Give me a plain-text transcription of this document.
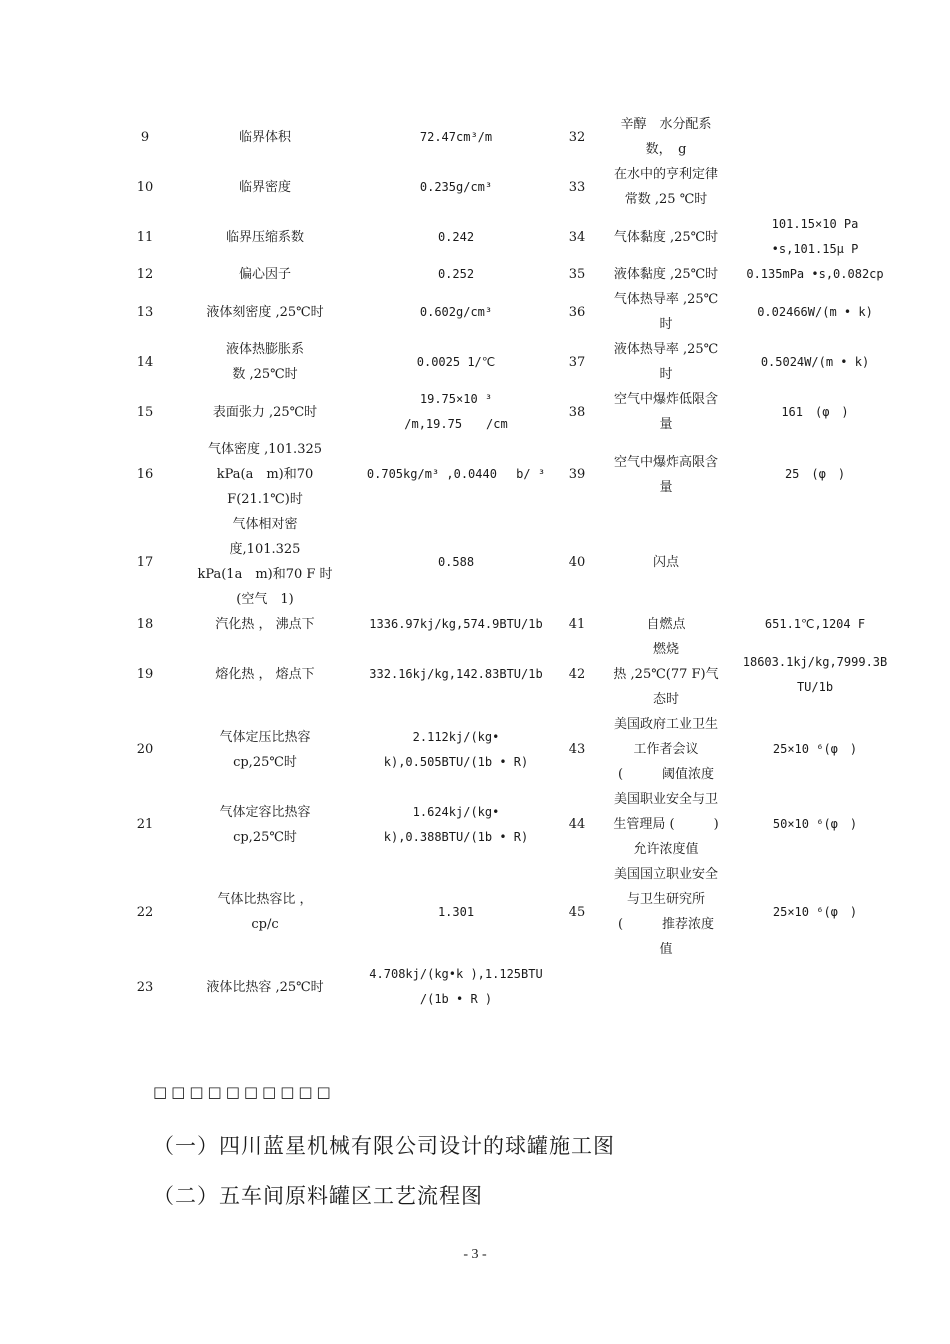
9	临界体积	72.47cm³/m	32	辛醇　水分配系
数，　g	
10	临界密度	0.235g/cm³	33	在水中的亨利定律
常数 ,25 ℃时	
11	临界压缩系数	0.242	34	气体黏度 ,25℃时	101.15×10 Pa
•s,101.15μ P
12	偏心因子	0.252	35	液体黏度 ,25℃时	0.135mPa •s,0.082cp
13	液体刻密度 ,25℃时	0.602g/cm³	36	气体热导率 ,25℃
时	0.02466W/(m • k)
14	液体热膨胀系
数 ,25℃时	0.0025 1/℃	37	液体热导率 ,25℃
时	0.5024W/(m • k)
15	表面张力 ,25℃时	19.75×10 ³
/m,19.75　　/cm	38	空气中爆炸低限含
量	161　(φ　)
16	气体密度 ,101.325
kPa(a　m)和70
F(21.1℃)时	0.705kg/m³ ,0.0440　 b/ ³	39	空气中爆炸高限含
量	25　(φ　)
17	气体相对密
度,101.325
kPa(1a　m)和70 F 时
(空气　1)	0.588	40	闪点	
18	汽化热 ， 沸点下	1336.97kj/kg,574.9BTU/1b	41	自燃点	651.1℃,1204 F
19	熔化热 ， 熔点下	332.16kj/kg,142.83BTU/1b	42	燃烧
热 ,25℃(77 F)气
态时	18603.1kj/kg,7999.3B
TU/1b
20	气体定压比热容
cp,25℃时	2.112kj/(kg•
k),0.505BTU/(1b • R)	43	美国政府工业卫生
工作者会议
(　　　阈值浓度	25×10 ⁶(φ　)
21	气体定容比热容
cp,25℃时	1.624kj/(kg•
k),0.388BTU/(1b • R)	44	美国职业安全与卫
生管理局 (　　　)
允许浓度值	50×10 ⁶(φ　)
22	气体比热容比 ，
cp/c	1.301	45	美国国立职业安全
与卫生研究所
(　　　推荐浓度
值	25×10 ⁶(φ　)
23	液体比热容 ,25℃时	4.708kj/(kg•k ),1.125BTU
/(1b • R )			
□□□□□□□□□□
（一）四川蓝星机械有限公司设计的球罐施工图
（二）五车间原料罐区工艺流程图
- 3 -
